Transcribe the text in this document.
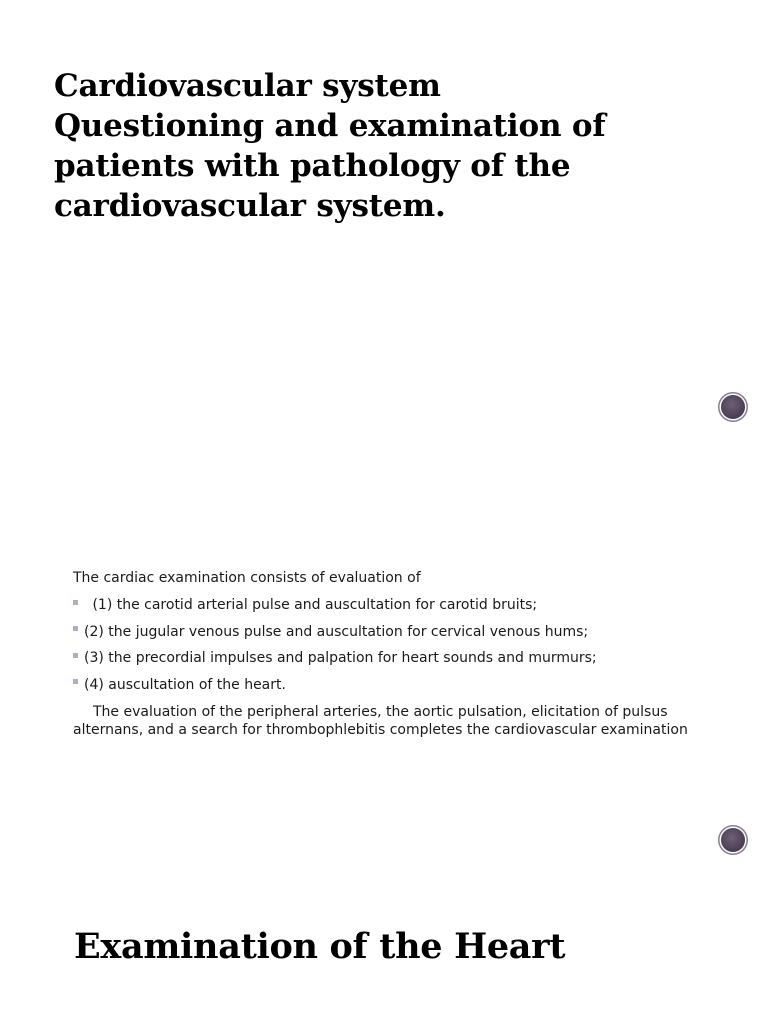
Cardiovascular system
Questioning and examination of patients with pathology of the cardiovascular system.
The cardiac examination consists of evaluation of
(1) the carotid arterial pulse and auscultation for carotid bruits;
(2) the jugular venous pulse and auscultation for cervical venous hums;
(3) the precordial impulses and palpation for heart sounds and murmurs;
(4) auscultation of the heart.

The evaluation of the peripheral arteries, the aortic pulsation, elicitation of pulsus alternans, and a search for thrombophlebitis completes the cardiovascular examination

Examination of the Heart
